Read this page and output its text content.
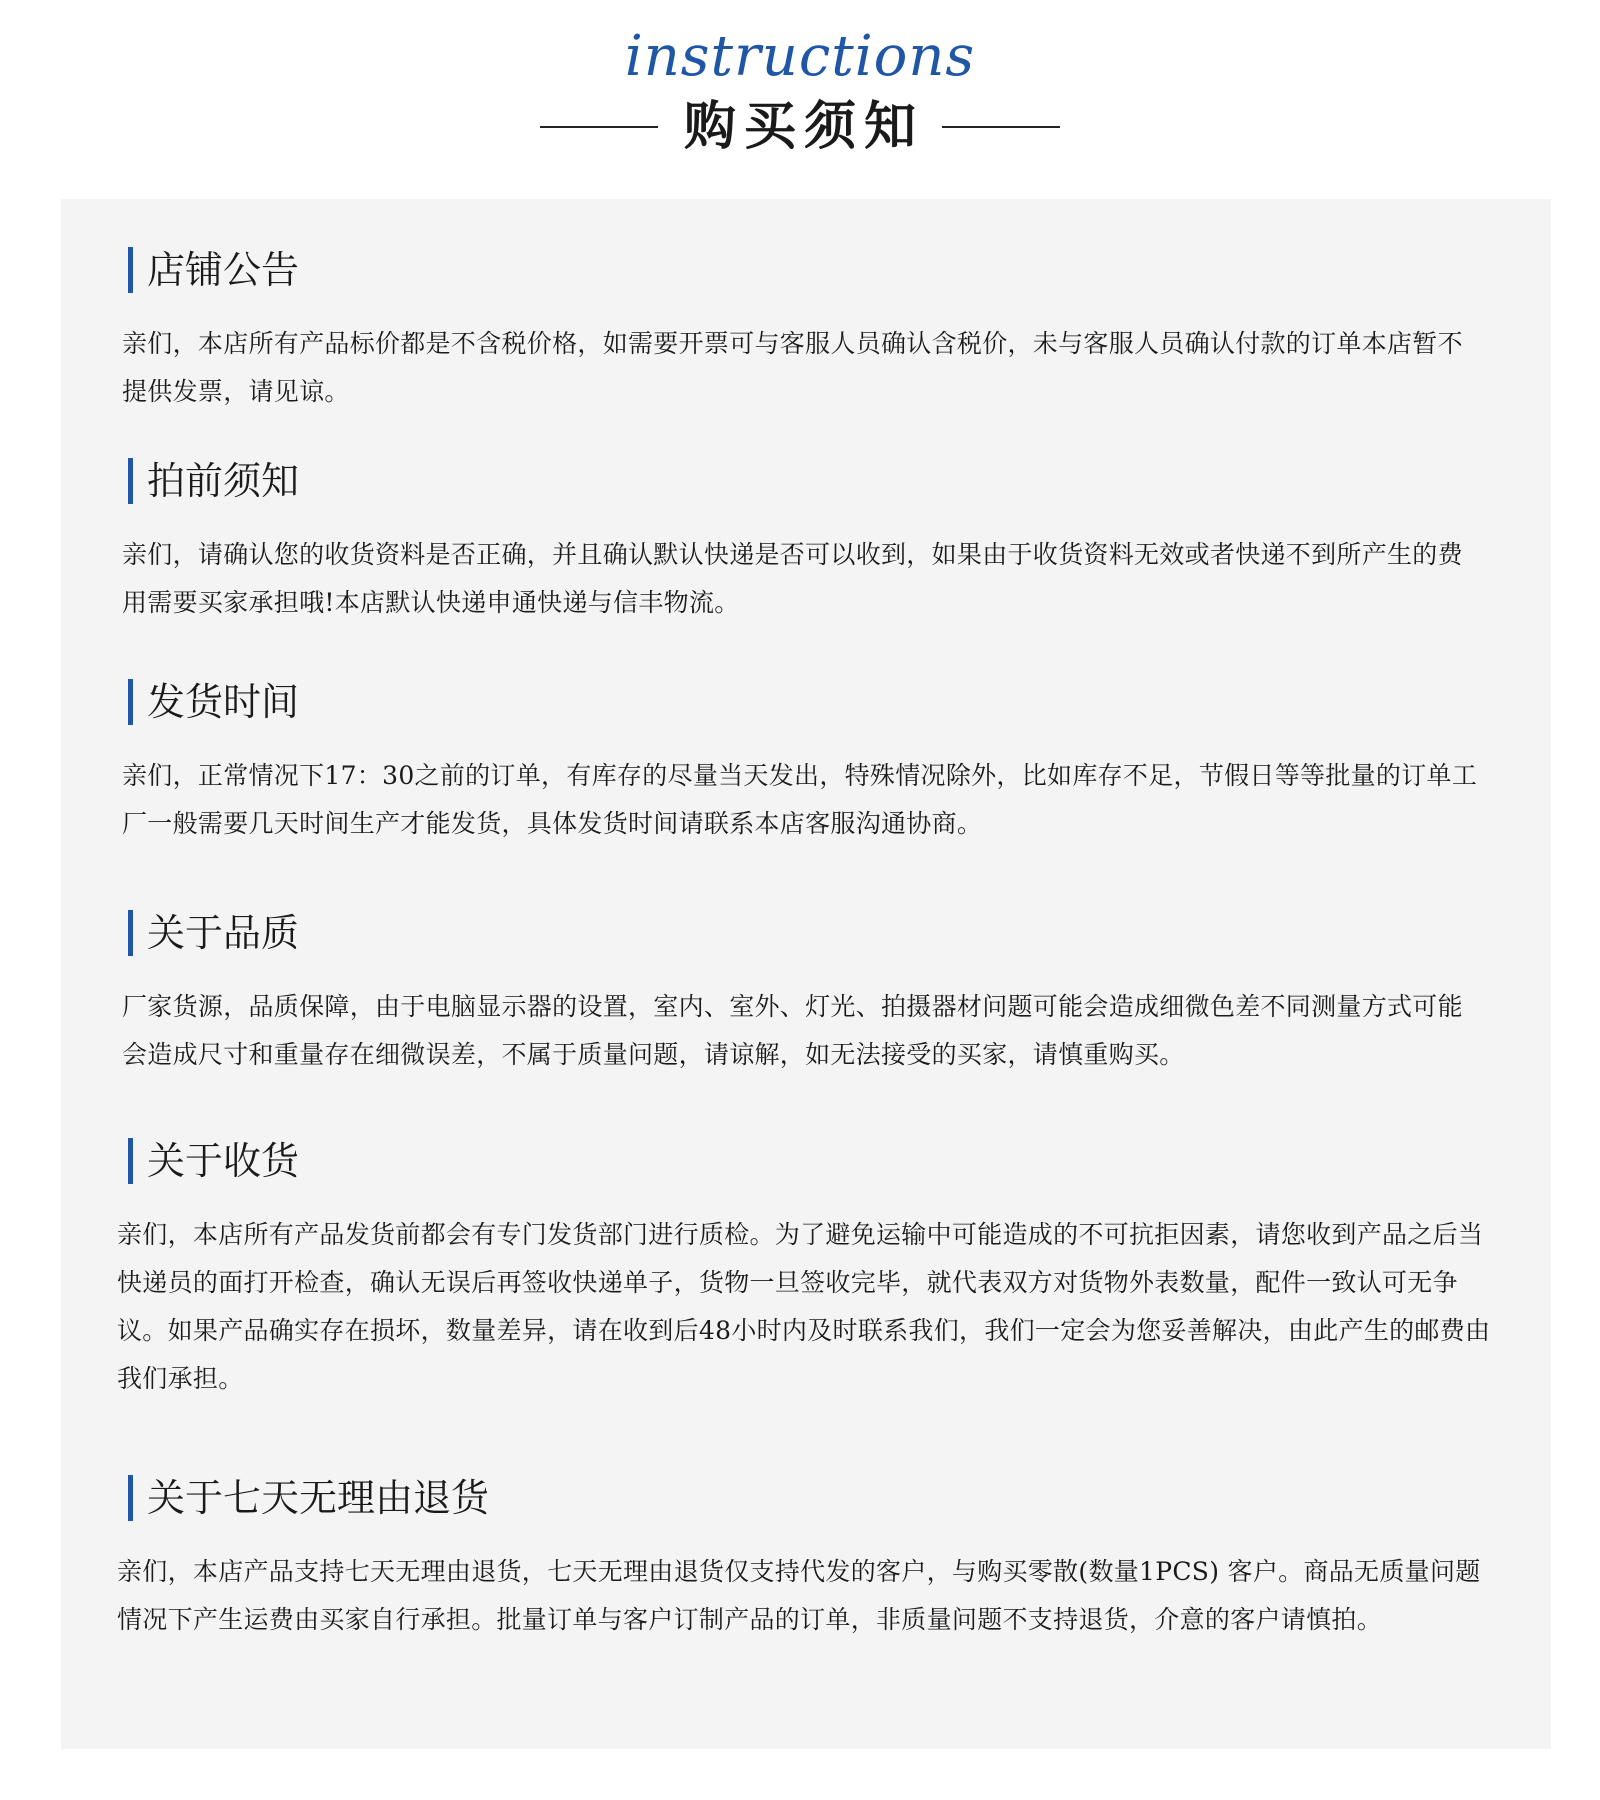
instructions
购买须知
店铺公告

亲们，本店所有产品标价都是不含税价格，如需要开票可与客服人员确认含税价，未与客服人员确认付款的订单本店暂不提供发票，请见谅。

拍前须知

亲们，请确认您的收货资料是否正确，并且确认默认快递是否可以收到，如果由于收货资料无效或者快递不到所产生的费用需要买家承担哦!本店默认快递申通快递与信丰物流。

发货时间

亲们，正常情况下17：30之前的订单，有库存的尽量当天发出，特殊情况除外，比如库存不足，节假日等等批量的订单工厂一般需要几天时间生产才能发货，具体发货时间请联系本店客服沟通协商。

关于品质

厂家货源，品质保障，由于电脑显示器的设置，室内、室外、灯光、拍摄器材问题可能会造成细微色差不同测量方式可能会造成尺寸和重量存在细微误差，不属于质量问题，请谅解，如无法接受的买家，请慎重购买。

关于收货

亲们，本店所有产品发货前都会有专门发货部门进行质检。为了避免运输中可能造成的不可抗拒因素，请您收到产品之后当快递员的面打开检查，确认无误后再签收快递单子，货物一旦签收完毕，就代表双方对货物外表数量，配件一致认可无争议。如果产品确实存在损坏，数量差异，请在收到后48小时内及时联系我们，我们一定会为您妥善解决，由此产生的邮费由我们承担。

关于七天无理由退货

亲们，本店产品支持七天无理由退货，七天无理由退货仅支持代发的客户，与购买零散(数量1PCS) 客户。商品无质量问题情况下产生运费由买家自行承担。批量订单与客户订制产品的订单，非质量问题不支持退货，介意的客户请慎拍。
